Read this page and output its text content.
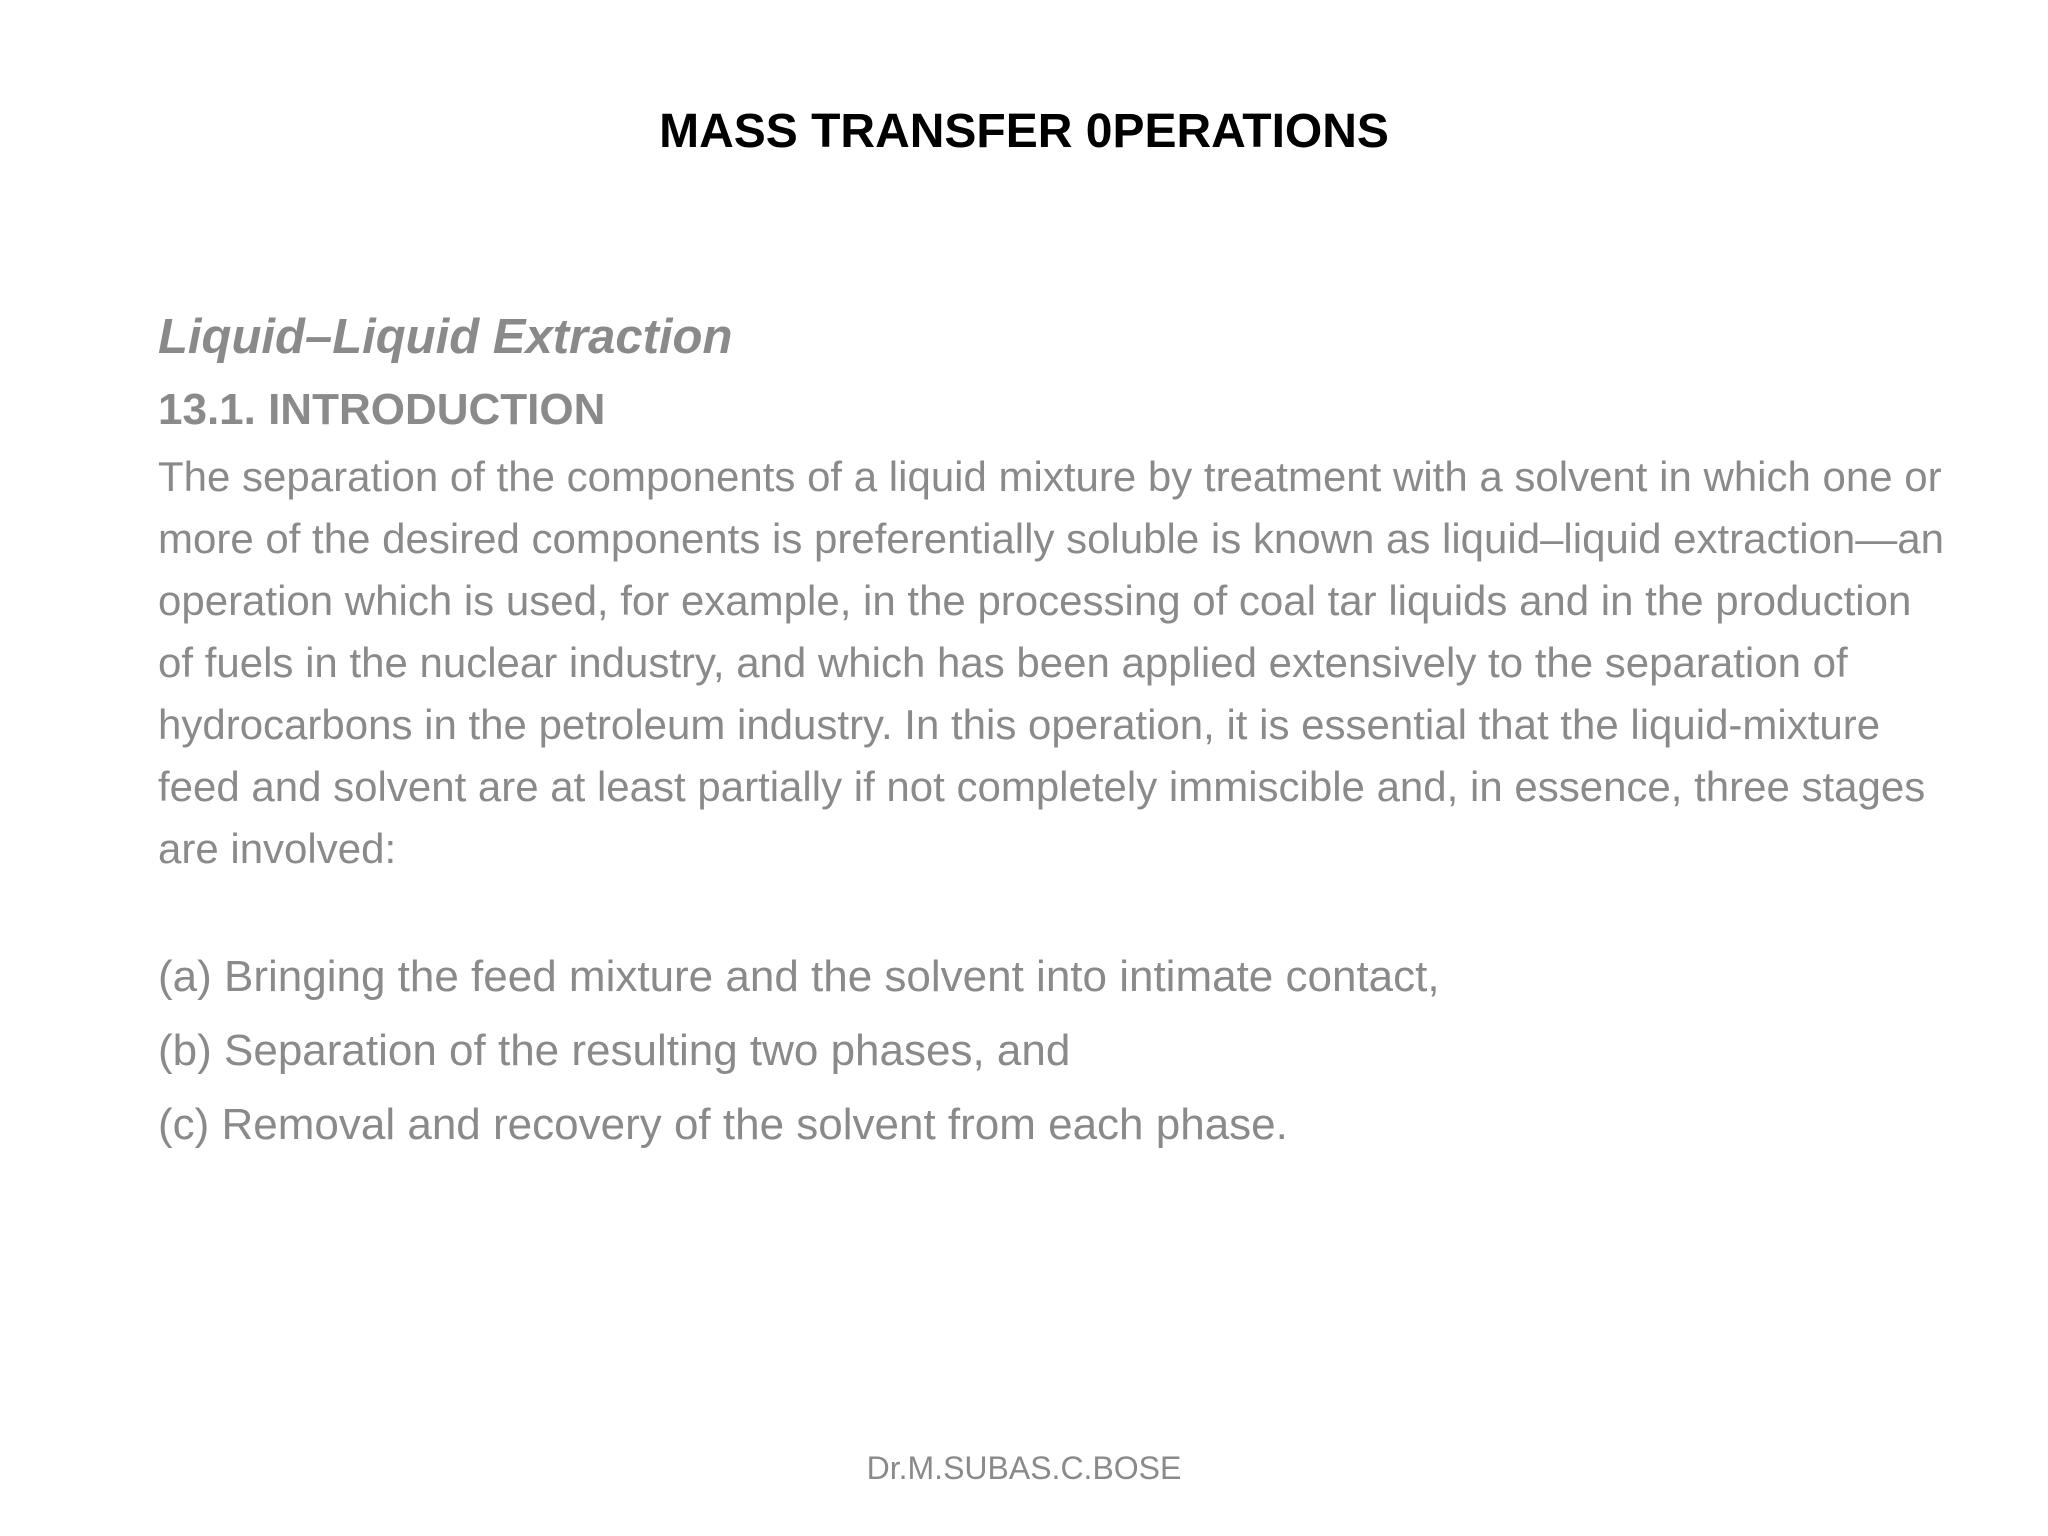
MASS TRANSFER 0PERATIONS

Liquid–Liquid Extraction

13.1. INTRODUCTION

The separation of the components of a liquid mixture by treatment with a solvent in which one or more of the desired components is preferentially soluble is known as liquid–liquid extraction—an operation which is used, for example, in the processing of coal tar liquids and in the production of fuels in the nuclear industry, and which has been applied extensively to the separation of hydrocarbons in the petroleum industry. In this operation, it is essential that the liquid-mixture feed and solvent are at least partially if not completely immiscible and, in essence, three stages are involved:

(a) Bringing the feed mixture and the solvent into intimate contact,
(b) Separation of the resulting two phases, and
(c) Removal and recovery of the solvent from each phase.
Dr.M.SUBAS.C.BOSE
